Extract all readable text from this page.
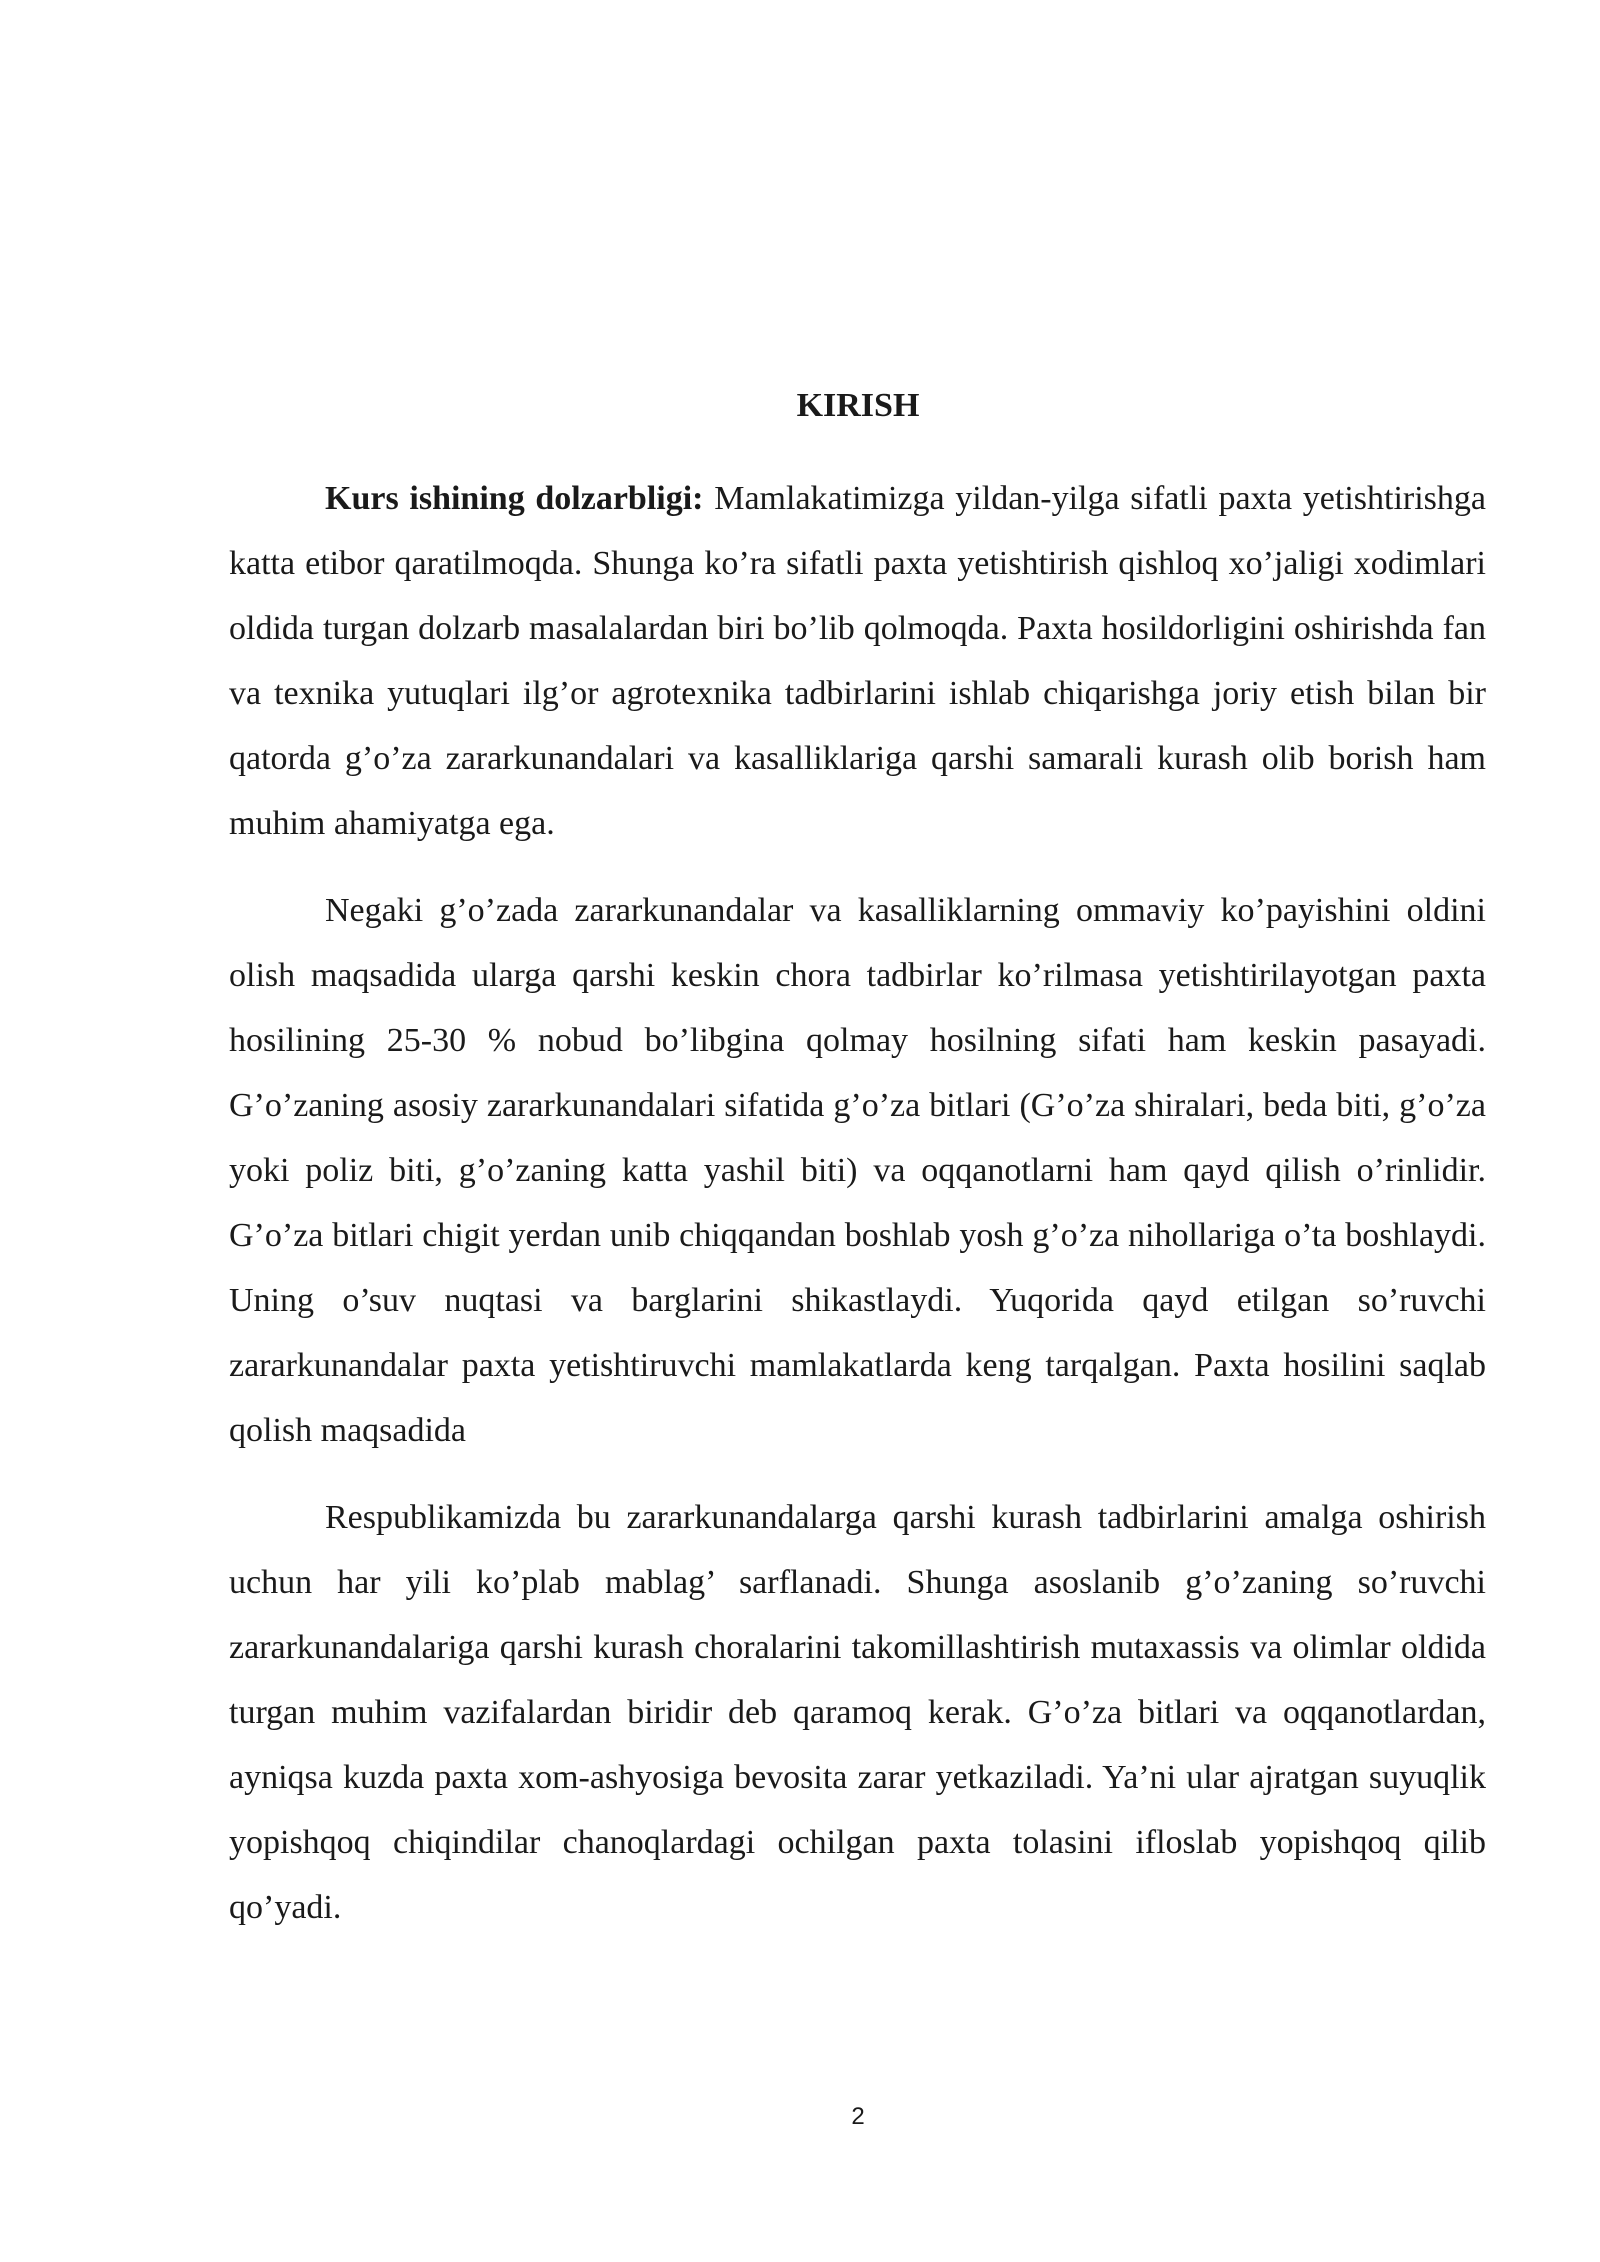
KIRISH

Kurs ishining dolzarbligi: Mamlakatimizga yildan-yilga sifatli paxta yetishtirishga katta etibor qaratilmoqda. Shunga ko’ra sifatli paxta yetishtirish qishloq xo’jaligi xodimlari oldida turgan dolzarb masalalardan biri bo’lib qolmoqda. Paxta hosildorligini oshirishda fan va texnika yutuqlari ilg’or agrotexnika tadbirlarini ishlab chiqarishga joriy etish bilan bir qatorda g’o’za zararkunandalari va kasalliklariga qarshi samarali kurash olib borish ham muhim ahamiyatga ega.

Negaki g’o’zada zararkunandalar va kasalliklarning ommaviy ko’payishini oldini olish maqsadida ularga qarshi keskin chora tadbirlar ko’rilmasa yetishtirilayotgan paxta hosilining 25-30 % nobud bo’libgina qolmay hosilning sifati ham keskin pasayadi. G’o’zaning asosiy zararkunandalari sifatida g’o’za bitlari (G’o’za shiralari, beda biti, g’o’za yoki poliz biti, g’o’zaning katta yashil biti) va oqqanotlarni ham qayd qilish o’rinlidir. G’o’za bitlari chigit yerdan unib chiqqandan boshlab yosh g’o’za nihollariga o’ta boshlaydi. Uning o’suv nuqtasi va barglarini shikastlaydi. Yuqorida qayd etilgan so’ruvchi zararkunandalar paxta yetishtiruvchi mamlakatlarda keng tarqalgan. Paxta hosilini saqlab qolish maqsadida

Respublikamizda bu zararkunandalarga qarshi kurash tadbirlarini amalga oshirish uchun har yili ko’plab mablag’ sarflanadi. Shunga asoslanib g’o’zaning so’ruvchi zararkunandalariga qarshi kurash choralarini takomillashtirish mutaxassis va olimlar oldida turgan muhim vazifalardan biridir deb qaramoq kerak. G’o’za bitlari va oqqanotlardan, ayniqsa kuzda paxta xom-ashyosiga bevosita zarar yetkaziladi. Ya’ni ular ajratgan suyuqlik yopishqoq chiqindilar chanoqlardagi ochilgan paxta tolasini ifloslab yopishqoq qilib qo’yadi.

2
